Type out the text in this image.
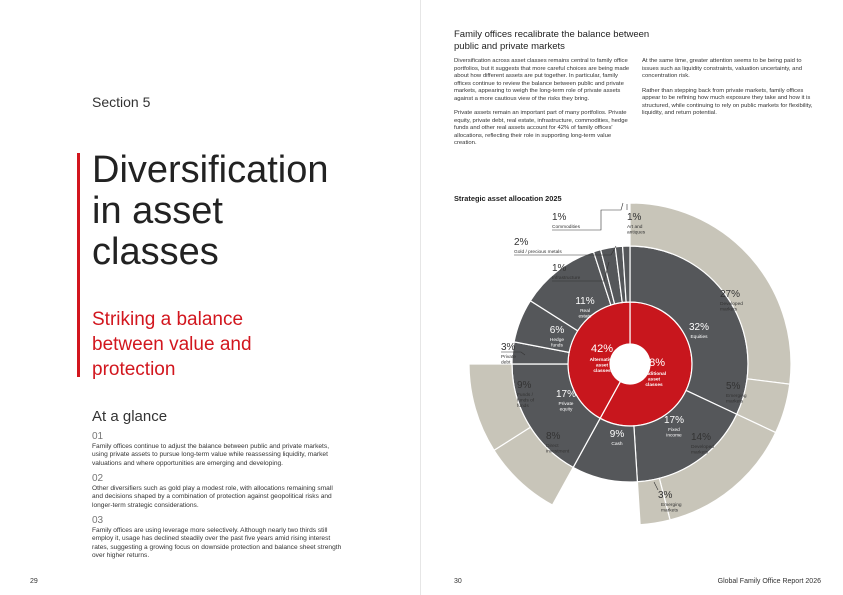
Section 5
Diversification
in asset
classes
Striking a balance
between value and
protection
At a glance
01
Family offices continue to adjust the balance between public and private markets, using private assets to pursue long-term value while reassessing liquidity, market valuations and where opportunities are emerging and developing.
02
Other diversifiers such as gold play a modest role, with allocations remaining small and decisions shaped by a combination of protection against geopolitical risks and longer-term strategic considerations.
03
Family offices are using leverage more selectively. Although nearly two thirds still employ it, usage has declined steadily over the past five years amid rising interest rates, suggesting a growing focus on downside protection and balance sheet strength over higher returns.
29
Family offices recalibrate the balance between public and private markets

Diversification across asset classes remains central to family office portfolios, but it suggests that more careful choices are being made about how different assets are put together. In particular, family offices continue to review the balance between public and private markets, appearing to weigh the long-term role of private assets against a more cautious view of the risks they bring.

Private assets remain an important part of many portfolios. Private equity, private debt, real estate, infrastructure, commodities, hedge funds and other real assets account for 42% of family offices' allocations, reflecting their role in supporting long-term value creation.

At the same time, greater attention seems to be being paid to issues such as liquidity constraints, valuation uncertainty, and concentration risk.

Rather than stepping back from private markets, family offices appear to be refining how much exposure they take and how it is structured, while continuing to rely on public markets for flexibility, liquidity, and return potential.

Strategic asset allocation 2025
58%
Traditional
asset
classes
42%
Alternative
asset
classes
32%
Equities
17%
Fixed
income
9%
Cash
17%
Private
equity
6%
Hedge
funds
11%
Real
estate
27%
Developed
markets
5%
Emerging
markets
14%
Developed
markets
8%
Direct
investment
9%
Funds /
funds of
funds
3%
Emerging
markets
3%
Private
debt
1%
Infrastructure
2%
Gold / precious metals
1%
Commodities
1%
Art and
antiques
30	Global Family Office Report 2026
